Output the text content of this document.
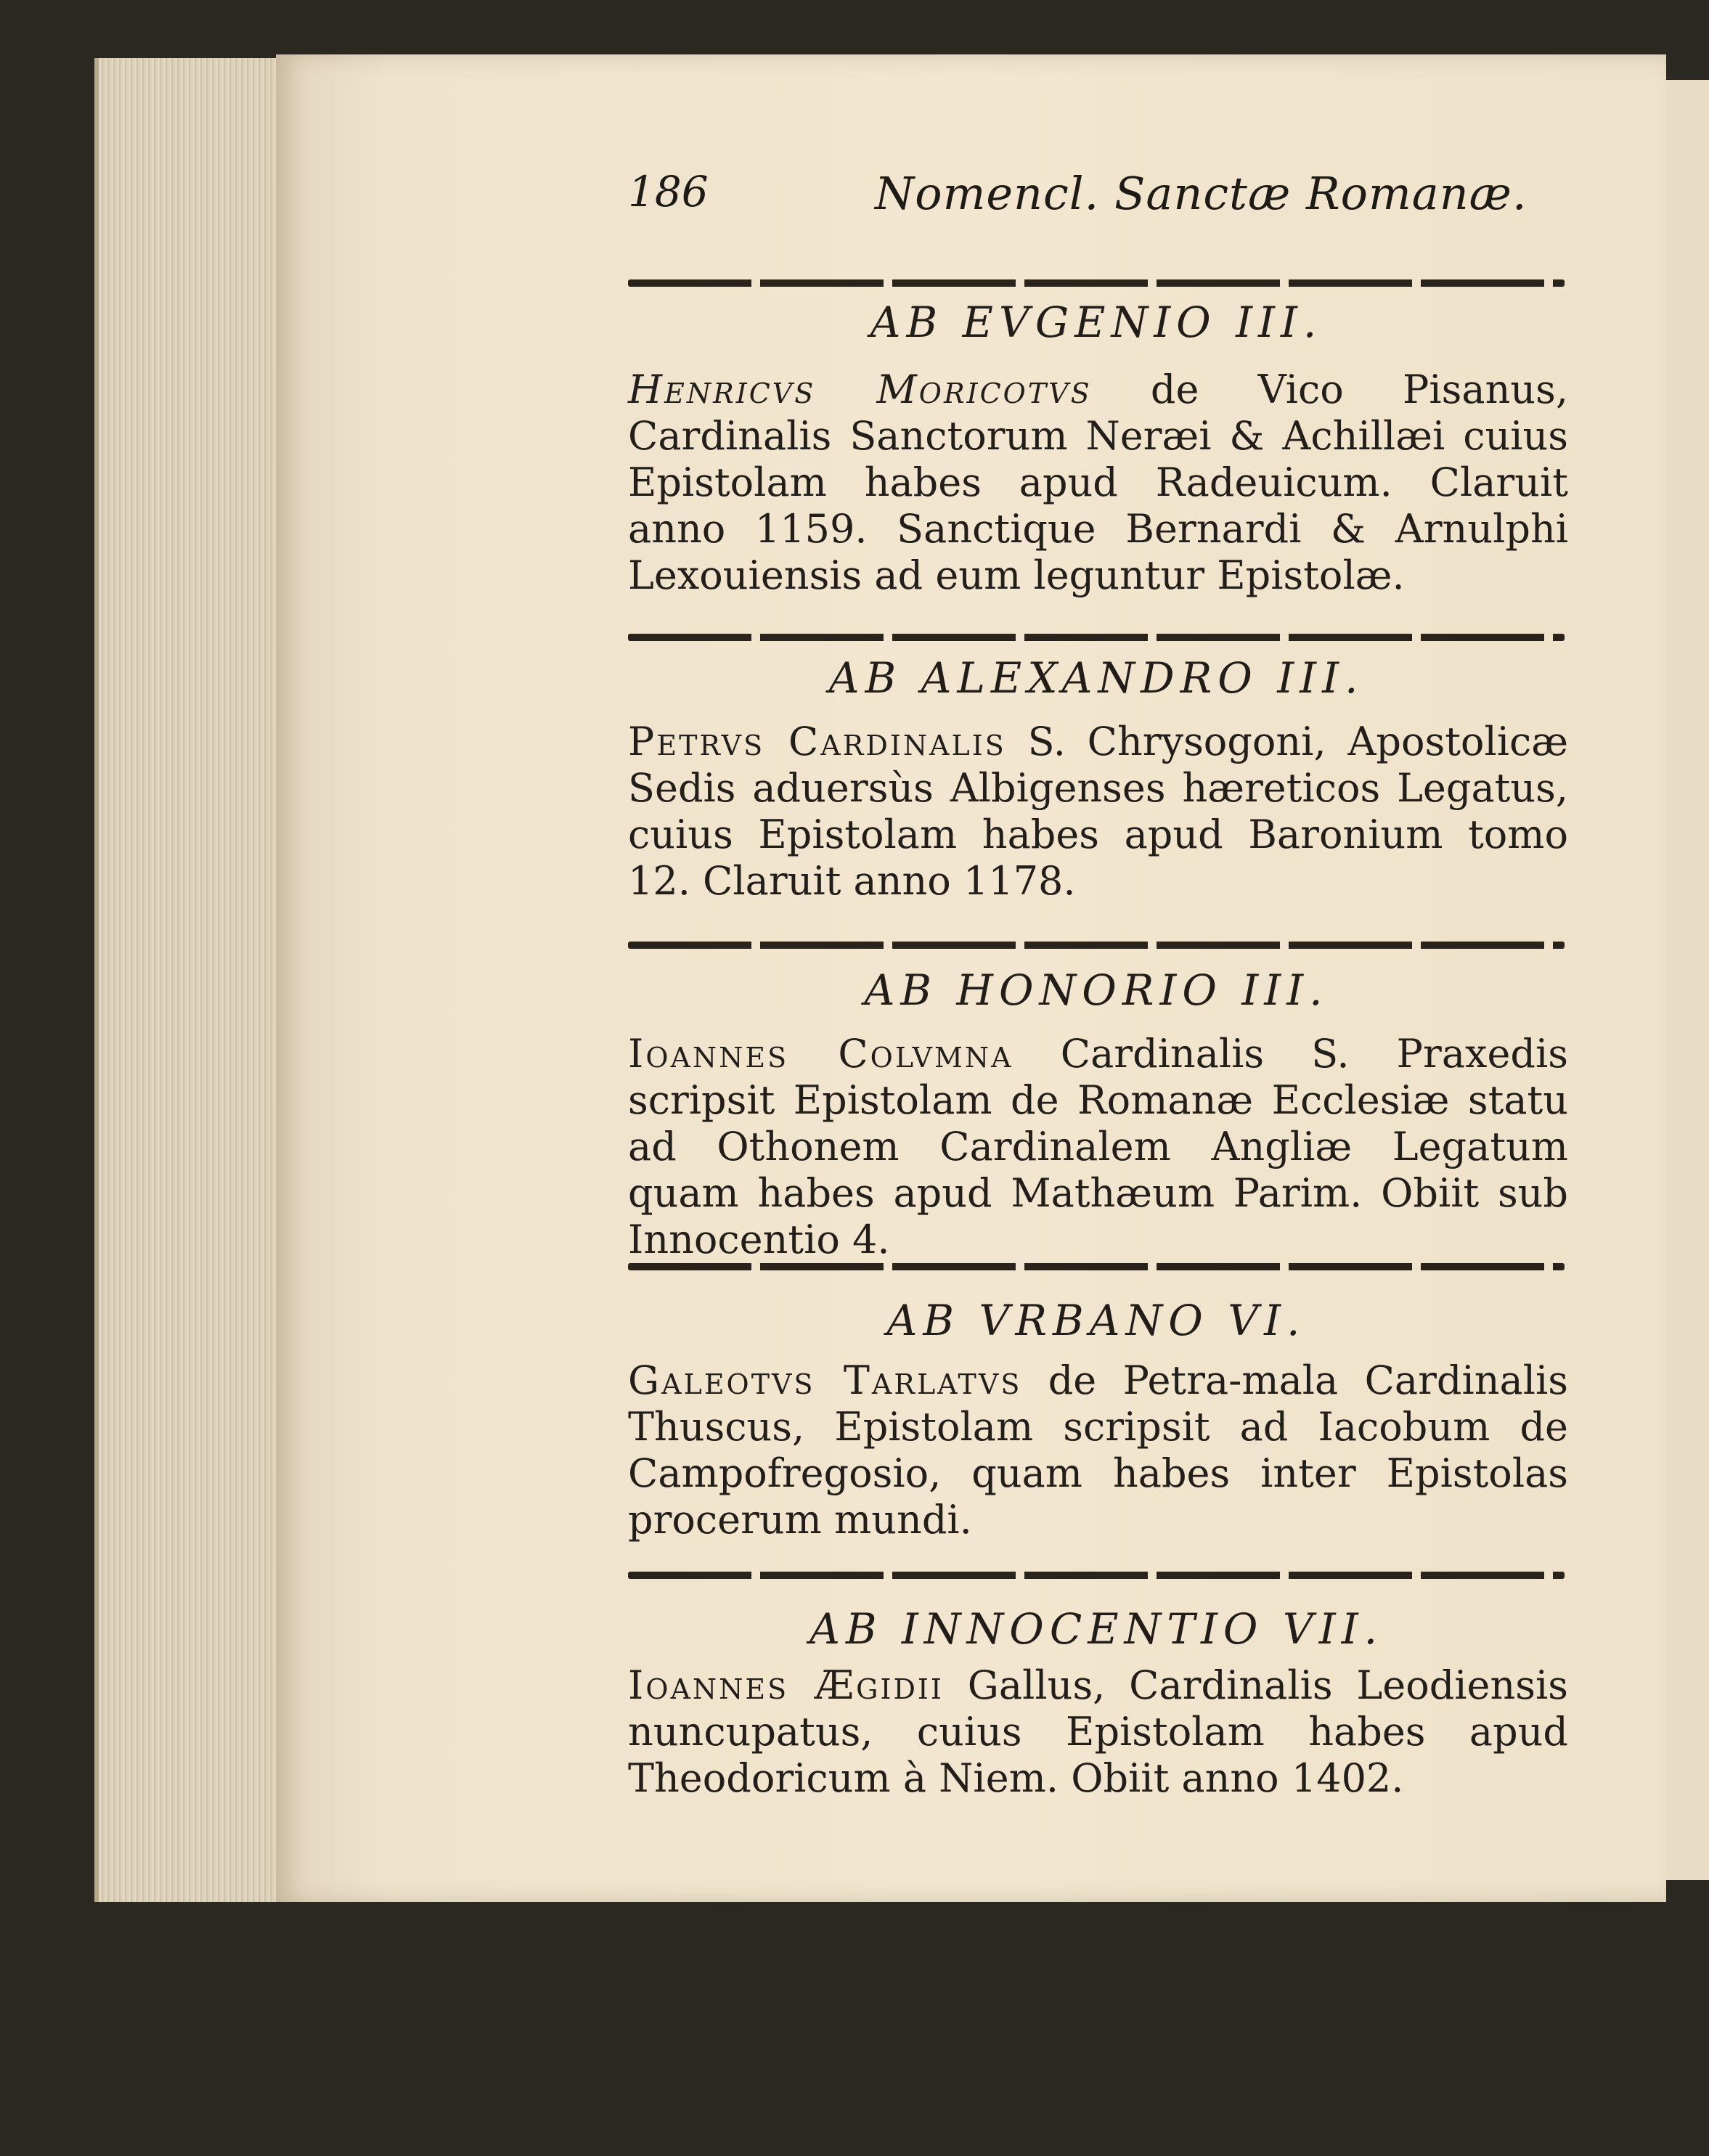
186	Nomencl. Sanctæ Romanæ.
AB EVGENIO III.

Henricvs Moricotvs de Vico Pisanus, Cardinalis Sanctorum Neræi & Achillæi cuius Epistolam habes apud Radeuicum. Claruit anno 1159. Sanctique Bernardi & Arnulphi Lexouiensis ad eum leguntur Epistolæ.

AB ALEXANDRO III.

Petrvs Cardinalis S. Chrysogoni, Apostolicæ Sedis aduersùs Albigenses hæreticos Legatus, cuius Epistolam habes apud Baronium tomo 12. Claruit anno 1178.

AB HONORIO III.

Ioannes Colvmna Cardinalis S. Praxedis scripsit Epistolam de Romanæ Ecclesiæ statu ad Othonem Cardinalem Angliæ Legatum quam habes apud Mathæum Parim. Obiit sub Innocentio 4.

AB VRBANO VI.

Galeotvs Tarlatvs de Petra-mala Cardinalis Thuscus, Epistolam scripsit ad Iacobum de Campofregosio, quam habes inter Epistolas procerum mundi.

AB INNOCENTIO VII.

Ioannes Ægidii Gallus, Cardinalis Leodiensis nuncupatus, cuius Epistolam habes apud Theodoricum à Niem. Obiit anno 1402.
